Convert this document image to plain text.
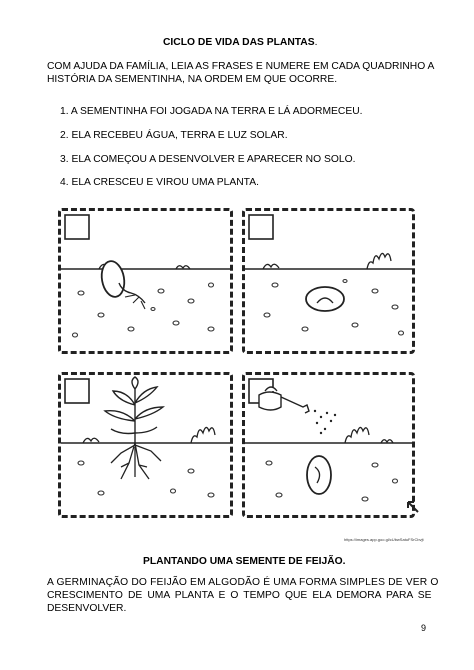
CICLO DE VIDA DAS PLANTAS.
COM AJUDA DA FAMÍLIA, LEIA AS FRASES E NUMERE EM CADA QUADRINHO A
HISTÓRIA DA SEMENTINHA, NA ORDEM EM QUE OCORRE.
1. A SEMENTINHA FOI JOGADA NA TERRA E LÁ ADORMECEU.
2. ELA RECEBEU ÁGUA, TERRA E LUZ SOLAR.
3. ELA COMEÇOU A DESENVOLVER E APARECER NO SOLO.
4. ELA CRESCEU E VIROU UMA PLANTA.
https://images.app.goo.gl/cUbwSatuFSrCbvjt
PLANTANDO UMA SEMENTE DE FEIJÃO.
A GERMINAÇÃO DO FEIJÃO EM ALGODÃO É UMA FORMA SIMPLES DE VER O
CRESCIMENTO DE UMA PLANTA E O TEMPO QUE ELA DEMORA PARA SE
DESENVOLVER.
9
